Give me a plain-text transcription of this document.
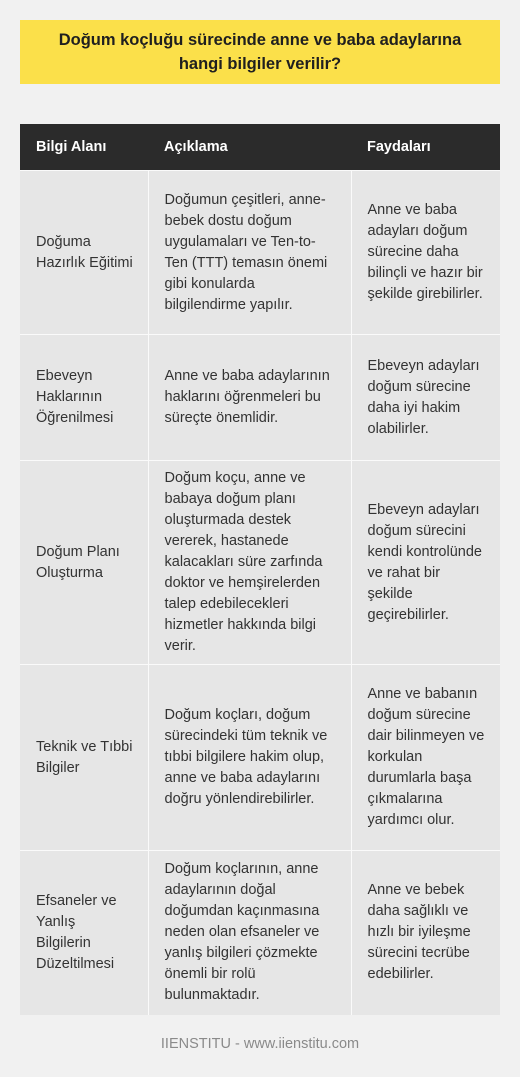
Doğum koçluğu sürecinde anne ve baba adaylarına hangi bilgiler verilir?
Bilgi Alanı	Açıklama	Faydaları
Doğuma Hazırlık Eğitimi	Doğumun çeşitleri, anne-bebek dostu doğum uygulamaları ve Ten-to-Ten (TTT) temasın önemi gibi konularda bilgilendirme yapılır.	Anne ve baba adayları doğum sürecine daha bilinçli ve hazır bir şekilde girebilirler.
Ebeveyn Haklarının Öğrenilmesi	Anne ve baba adaylarının haklarını öğrenmeleri bu süreçte önemlidir.	Ebeveyn adayları doğum sürecine daha iyi hakim olabilirler.
Doğum Planı Oluşturma	Doğum koçu, anne ve babaya doğum planı oluşturmada destek vererek, hastanede kalacakları süre zarfında doktor ve hemşirelerden talep edebilecekleri hizmetler hakkında bilgi verir.	Ebeveyn adayları doğum sürecini kendi kontrolünde ve rahat bir şekilde geçirebilirler.
Teknik ve Tıbbi Bilgiler	Doğum koçları, doğum sürecindeki tüm teknik ve tıbbi bilgilere hakim olup, anne ve baba adaylarını doğru yönlendirebilirler.	Anne ve babanın doğum sürecine dair bilinmeyen ve korkulan durumlarla başa çıkmalarına yardımcı olur.
Efsaneler ve Yanlış Bilgilerin Düzeltilmesi	Doğum koçlarının, anne adaylarının doğal doğumdan kaçınmasına neden olan efsaneler ve yanlış bilgileri çözmekte önemli bir rolü bulunmaktadır.	Anne ve bebek daha sağlıklı ve hızlı bir iyileşme sürecini tecrübe edebilirler.
IIENSTITU - www.iienstitu.com
